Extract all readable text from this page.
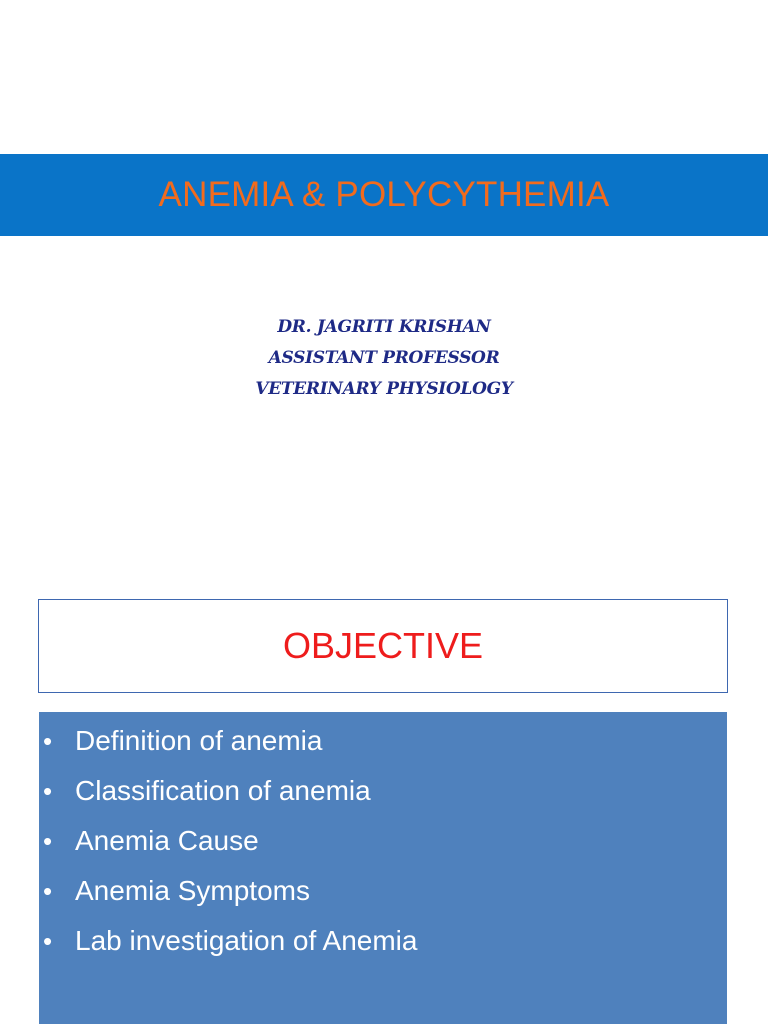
ANEMIA & POLYCYTHEMIA
DR. JAGRITI KRISHAN
ASSISTANT PROFESSOR
VETERINARY PHYSIOLOGY
OBJECTIVE
• Definition of anemia
• Classification of anemia
• Anemia Cause
• Anemia Symptoms
• Lab investigation of Anemia
